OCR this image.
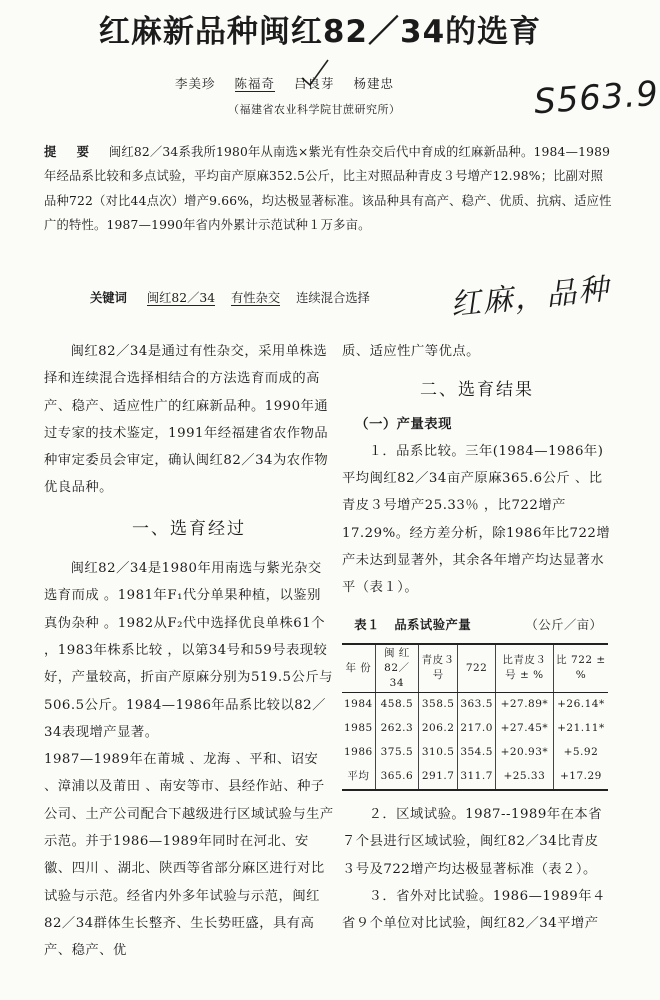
红麻新品种闽红82／34的选育
李美珍 陈福奇 吕良芽 杨建忠
（福建省农业科学院甘蔗研究所）	S563.9
提 要 闽红82／34系我所1980年从南选×紫光有性杂交后代中育成的红麻新品种。1984—1989年经品系比较和多点试验，平均亩产原麻352.5公斤，比主对照品种青皮３号增产12.98%；比副对照品种722（对比44点次）增产9.66%，均达极显著标准。该品种具有高产、稳产、优质、抗病、适应性广的特性。1987—1990年省内外累计示范试种１万多亩。
关键词 闽红82／34 有性杂交 连续混合选择	红麻，品种

闽红82／34是通过有性杂交，采用单株选择和连续混合选择相结合的方法选育而成的高产、稳产、适应性广的红麻新品种。1990年通过专家的技术鉴定，1991年经福建省农作物品种审定委员会审定，确认闽红82／34为农作物优良品种。

一、选育经过

闽红82／34是1980年用南选与紫光杂交选育而成 。1981年F₁代分单果种植，以鉴别真伪杂种 。1982从F₂代中选择优良单株61个 ，1983年株系比较 ，以第34号和59号表现较好，产量较高，折亩产原麻分别为519.5公斤与506.5公斤。1984—1986年品系比较以82／34表现增产显著。

1987—1989年在莆城 、龙海 、平和、诏安 、漳浦以及莆田 、南安等市、县经作站、种子公司、土产公司配合下越级进行区域试验与生产示范。并于1986—1989年同时在河北、安徽、四川 、湖北、陕西等省部分麻区进行对比试验与示范。经省内外多年试验与示范，闽红82／34群体生长整齐、生长势旺盛，具有高产、稳产、优

质、适应性广等优点。

二、选育结果
（一）产量表现

１．品系比较。三年(1984—1986年)平均闽红82／34亩产原麻365.6公斤 、比青皮３号增产25.33％ ，比722增产17.29%。经方差分析，除1986年比722增产未达到显著外，其余各年增产均达显著水平（表１）。

表１ 品系试验产量	（公斤／亩）
年 份	闽 红 82／34	青皮３号	722	比青皮３号 ± %	比 722 ± %
1984	458.5	358.5	363.5	+27.89*	+26.14*
1985	262.3	206.2	217.0	+27.45*	+21.11*
1986	375.5	310.5	354.5	+20.93*	+5.92
平均	365.6	291.7	311.7	+25.33	+17.29

２．区域试验。1987--1989年在本省７个县进行区域试验，闽红82／34比青皮３号及722增产均达极显著标准（表２）。

３．省外对比试验。1986—1989年４省９个单位对比试验，闽红82／34平增产
